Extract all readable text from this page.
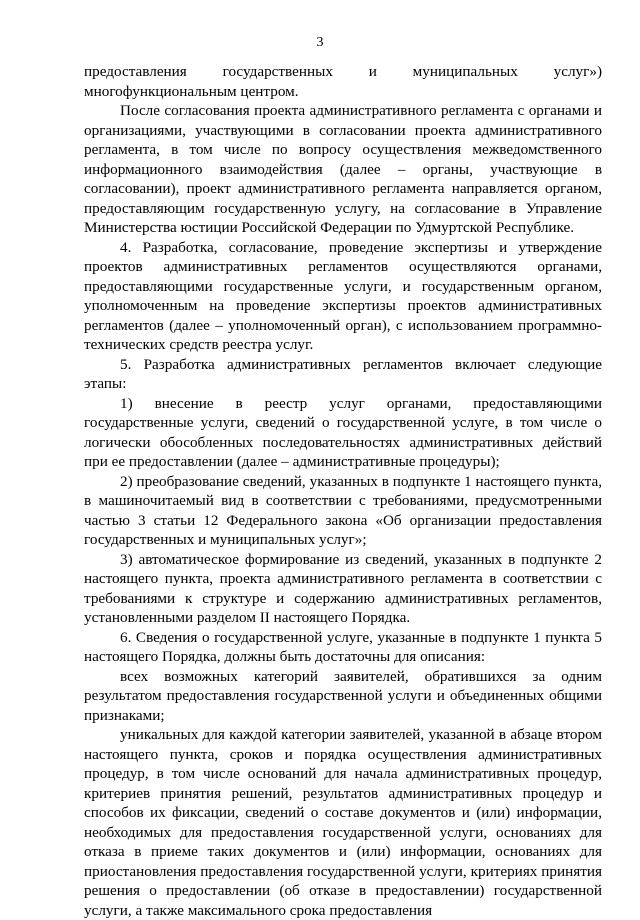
3

предоставления государственных и муниципальных услуг») многофункциональным центром.

После согласования проекта административного регламента с органами и организациями, участвующими в согласовании проекта административного регламента, в том числе по вопросу осуществления межведомственного информационного взаимодействия (далее – органы, участвующие в согласовании), проект административного регламента направляется органом, предоставляющим государственную услугу, на согласование в Управление Министерства юстиции Российской Федерации по Удмуртской Республике.

4. Разработка, согласование, проведение экспертизы и утверждение проектов административных регламентов осуществляются органами, предоставляющими государственные услуги, и государственным органом, уполномоченным на проведение экспертизы проектов административных регламентов (далее – уполномоченный орган), с использованием программно-технических средств реестра услуг.

5. Разработка административных регламентов включает следующие этапы:

1) внесение в реестр услуг органами, предоставляющими государственные услуги, сведений о государственной услуге, в том числе о логически обособленных последовательностях административных действий при ее предоставлении (далее – административные процедуры);

2) преобразование сведений, указанных в подпункте 1 настоящего пункта, в машиночитаемый вид в соответствии с требованиями, предусмотренными частью 3 статьи 12 Федерального закона «Об организации предоставления государственных и муниципальных услуг»;

3) автоматическое формирование из сведений, указанных в подпункте 2 настоящего пункта, проекта административного регламента в соответствии с требованиями к структуре и содержанию административных регламентов, установленными разделом II настоящего Порядка.

6. Сведения о государственной услуге, указанные в подпункте 1 пункта 5 настоящего Порядка, должны быть достаточны для описания:

всех возможных категорий заявителей, обратившихся за одним результатом предоставления государственной услуги и объединенных общими признаками;

уникальных для каждой категории заявителей, указанной в абзаце втором настоящего пункта, сроков и порядка осуществления административных процедур, в том числе оснований для начала административных процедур, критериев принятия решений, результатов административных процедур и способов их фиксации, сведений о составе документов и (или) информации, необходимых для предоставления государственной услуги, основаниях для отказа в приеме таких документов и (или) информации, основаниях для приостановления предоставления государственной услуги, критериях принятия решения о предоставлении (об отказе в предоставлении) государственной услуги, а также максимального срока предоставления
